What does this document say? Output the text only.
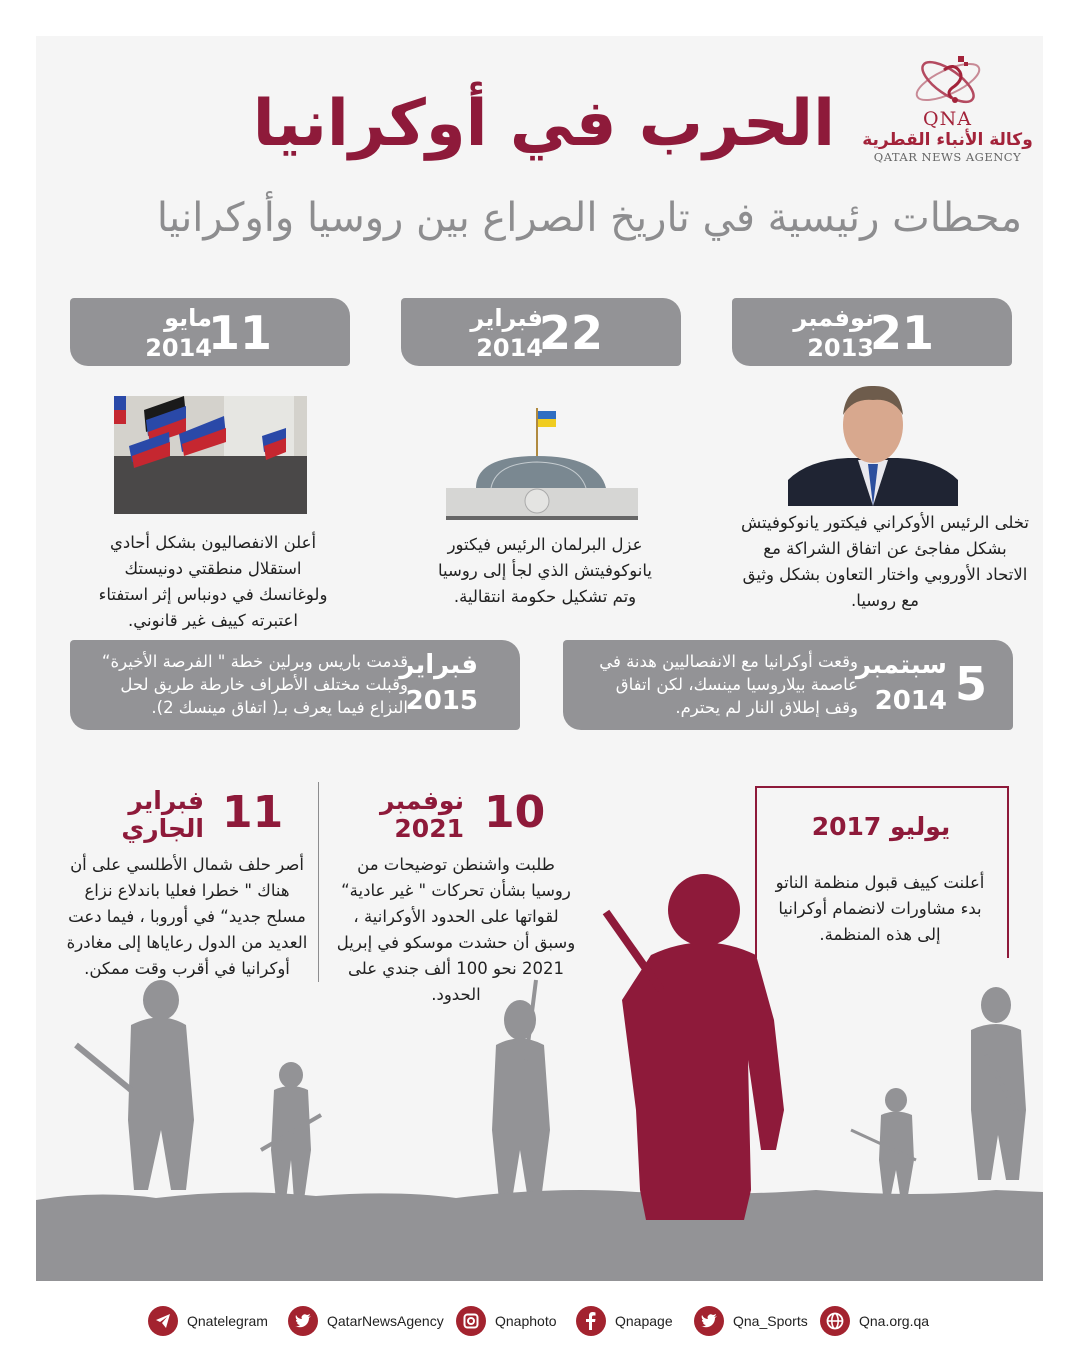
QNA
وكالة الأنباء القطرية
QATAR NEWS AGENCY
الحرب في أوكرانيا
محطات رئيسية في تاريخ الصراع بين روسيا وأوكرانيا
21
نوفمبر
2013
22
فبراير
2014
11
مايو
2014
تخلى الرئيس الأوكراني فيكتور يانوكوفيتش بشكل مفاجئ عن اتفاق الشراكة مع الاتحاد الأوروبي واختار التعاون بشكل وثيق مع روسيا.
عزل البرلمان الرئيس فيكتور يانوكوفيتش الذي لجأ إلى روسيا وتم تشكيل حكومة انتقالية.
أعلن الانفصاليون بشكل أحادي استقلال منطقتي دونيستك ولوغانسك في دونباس إثر استفتاء اعتبرته كييف غير قانوني.
5
سبتمبر
2014
وقعت أوكرانيا مع الانفصاليين هدنة في عاصمة بيلاروسيا مينسك، لكن اتفاق وقف إطلاق النار لم يحترم.
فبراير
2015
قدمت باريس وبرلين خطة " الفرصة الأخيرة“ وقبلت مختلف الأطراف خارطة طريق لحل النزاع فيما يعرف بـ( اتفاق مينسك 2).
يوليو 2017
أعلنت كييف قبول منظمة الناتو بدء مشاورات لانضمام أوكرانيا إلى هذه المنظمة.
10
نوفمبر
2021
طلبت واشنطن توضيحات من روسيا بشأن تحركات " غير عادية“ لقواتها على الحدود الأوكرانية ، وسبق أن حشدت موسكو في إبريل 2021 نحو 100 ألف جندي على الحدود.
11
فبراير
الجاري
أصر حلف شمال الأطلسي على أن هناك " خطرا فعليا باندلاع نزاع مسلح جديد“ في أوروبا ، فيما دعت العديد من الدول رعاياها إلى مغادرة أوكرانيا في أقرب وقت ممكن.
Qnatelegram	QatarNewsAgency	Qnaphoto	Qnapage	Qna_Sports	Qna.org.qa
